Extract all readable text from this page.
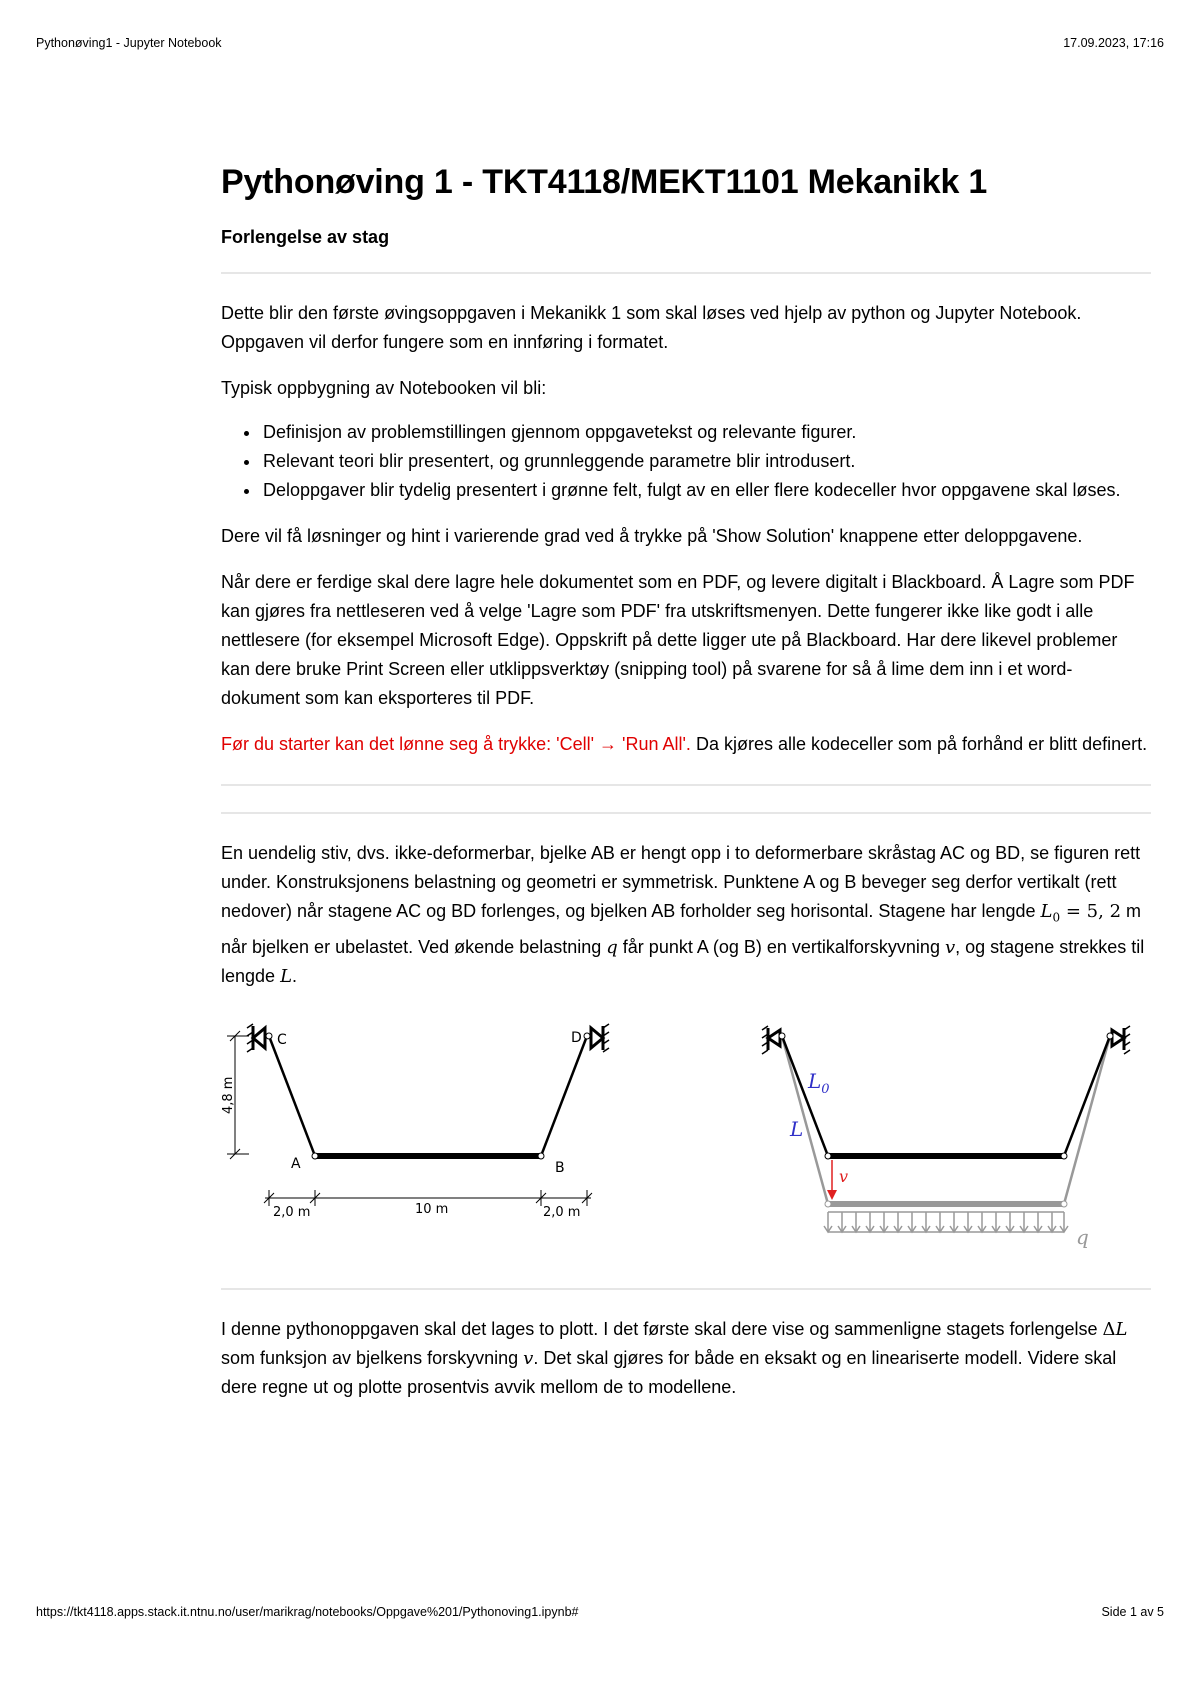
Pythonøving1 - Jupyter Notebook	17.09.2023, 17:16
Pythonøving 1 - TKT4118/MEKT1101 Mekanikk 1
Forlengelse av stag

Dette blir den første øvingsoppgaven i Mekanikk 1 som skal løses ved hjelp av python og Jupyter Notebook. Oppgaven vil derfor fungere som en innføring i formatet.

Typisk oppbygning av Notebooken vil bli:

• Definisjon av problemstillingen gjennom oppgavetekst og relevante figurer.
• Relevant teori blir presentert, og grunnleggende parametre blir introdusert.
• Deloppgaver blir tydelig presentert i grønne felt, fulgt av en eller flere kodeceller hvor oppgavene skal løses.

Dere vil få løsninger og hint i varierende grad ved å trykke på 'Show Solution' knappene etter deloppgavene.

Når dere er ferdige skal dere lagre hele dokumentet som en PDF, og levere digitalt i Blackboard. Å Lagre som PDF kan gjøres fra nettleseren ved å velge 'Lagre som PDF' fra utskriftsmenyen. Dette fungerer ikke like godt i alle nettlesere (for eksempel Microsoft Edge). Oppskrift på dette ligger ute på Blackboard. Har dere likevel problemer kan dere bruke Print Screen eller utklippsverktøy (snipping tool) på svarene for så å lime dem inn i et word-dokument som kan eksporteres til PDF.

Før du starter kan det lønne seg å trykke: 'Cell' → 'Run All'. Da kjøres alle kodeceller som på forhånd er blitt definert.

En uendelig stiv, dvs. ikke-deformerbar, bjelke AB er hengt opp i to deformerbare skråstag AC og BD, se figuren rett under. Konstruksjonens belastning og geometri er symmetrisk. Punktene A og B beveger seg derfor vertikalt (rett nedover) når stagene AC og BD forlenges, og bjelken AB forholder seg horisontal. Stagene har lengde $L_0 = 5$, 2 m når bjelken er ubelastet. Ved økende belastning q får punkt A (og B) en vertikalforskyvning v, og stagene strekkes til lengde L.

C	D
A	B
4,8 m
2,0 m	10 m	2,0 m
$L_0$
L
v
q

I denne pythonoppgaven skal det lages to plott. I det første skal dere vise og sammenligne stagets forlengelse ΔL som funksjon av bjelkens forskyvning v. Det skal gjøres for både en eksakt og en lineariserte modell. Videre skal dere regne ut og plotte prosentvis avvik mellom de to modellene.

https://tkt4118.apps.stack.it.ntnu.no/user/marikrag/notebooks/Oppgave%201/Pythonoving1.ipynb#	Side 1 av 5
